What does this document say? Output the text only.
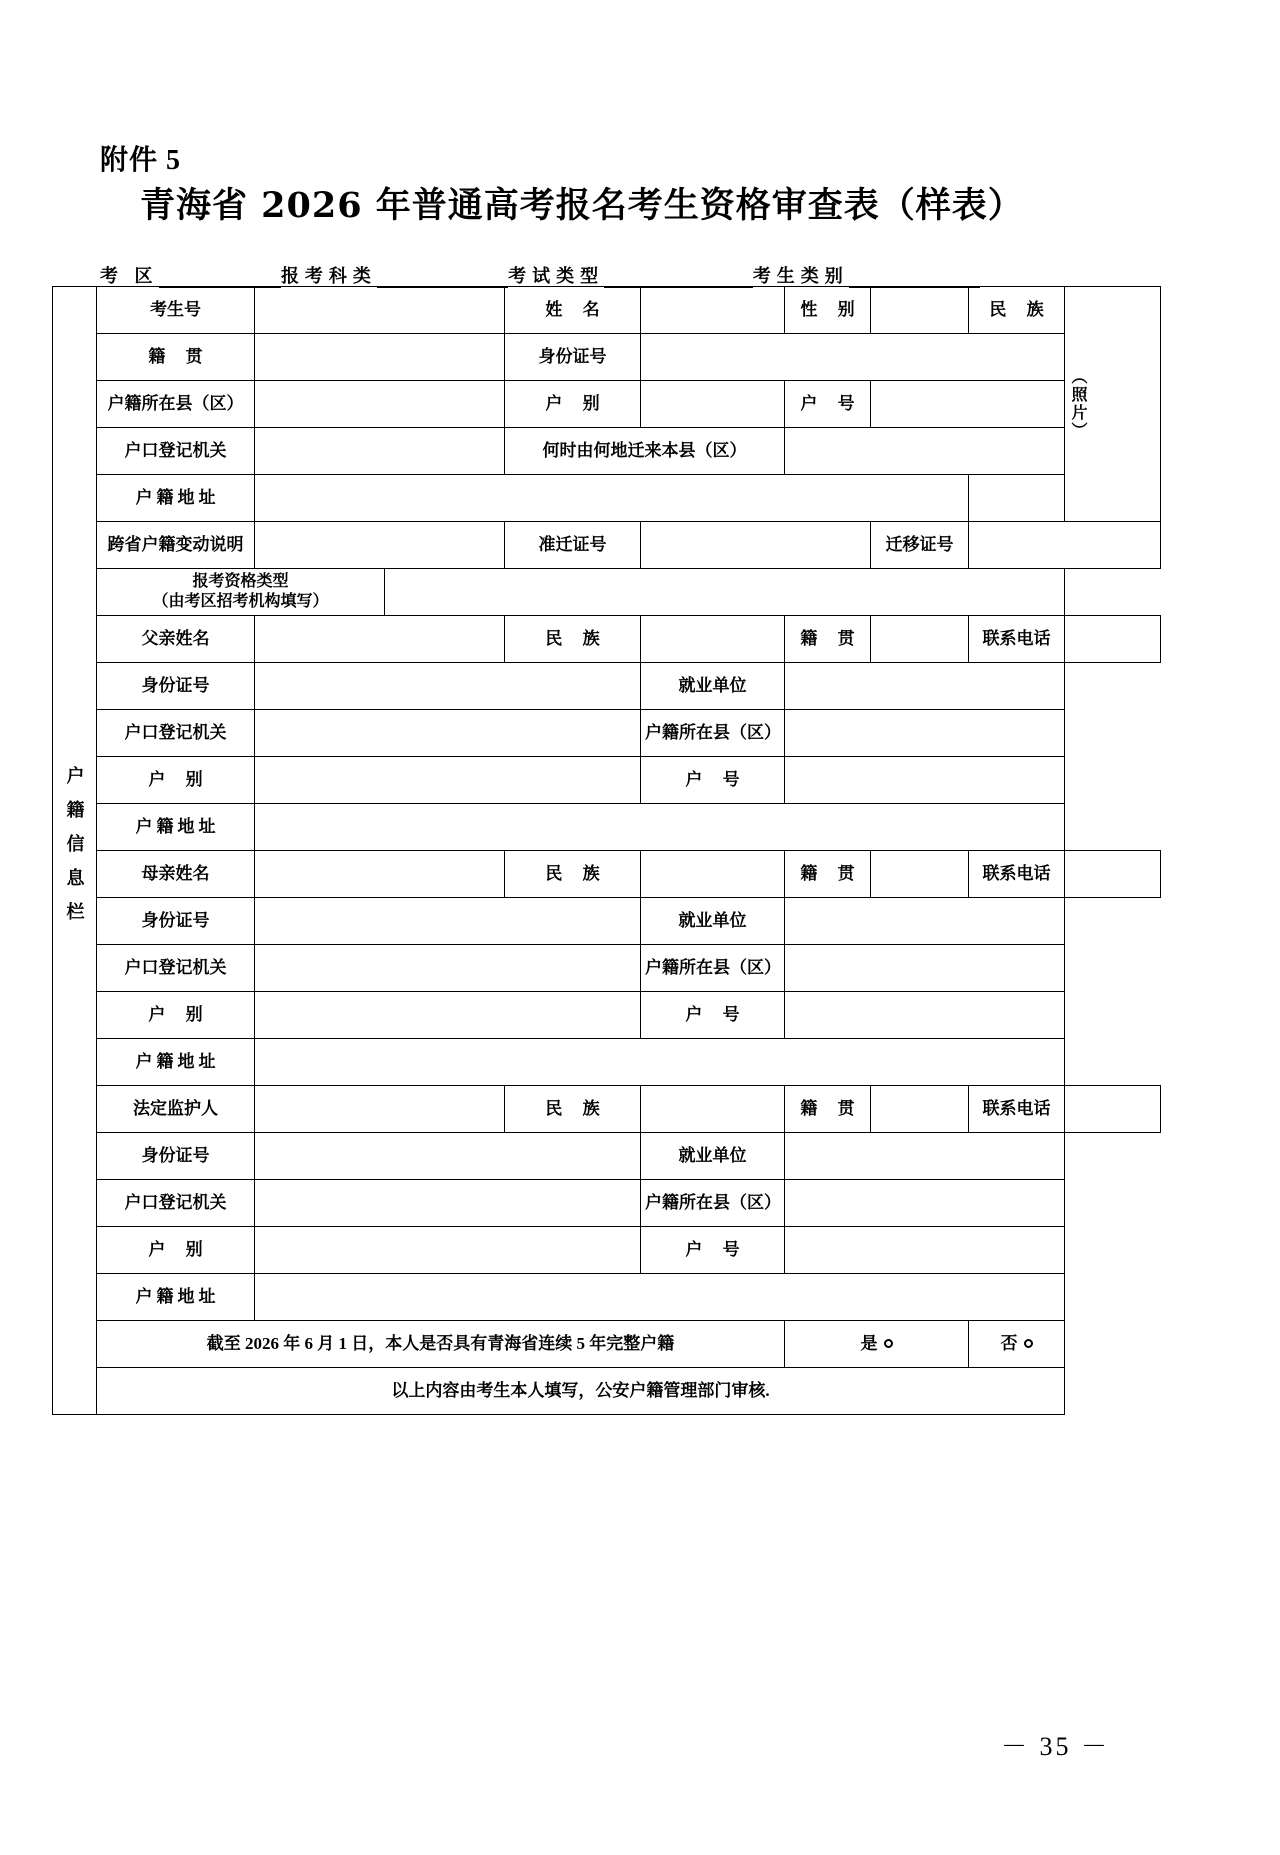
附件 5
青海省 2026 年普通高考报名考生资格审查表（样表）
考 区	报考科类	考试类型	考生类别
户籍信息栏	考生号			姓 名		性 别		民 族	（照片）

	籍 贯			身份证号					
	户籍所在县（区）			户 别		户 号			
	户口登记机关			何时由何地迁来本县（区）					
	户籍地址								
	跨省户籍变动说明			准迁证号			迁移证号		

	报考资格类型
（由考区招考机构填写）								

	父亲姓名			民 族		籍 贯		联系电话	
	身份证号				就业单位				
	户口登记机关				户籍所在县（区）				
	户 别				户 号				
	户籍地址								
	母亲姓名			民 族		籍 贯		联系电话	
	身份证号				就业单位				
	户口登记机关				户籍所在县（区）				
	户 别				户 号				
	户籍地址								
	法定监护人			民 族		籍 贯		联系电话	
	身份证号				就业单位				
	户口登记机关				户籍所在县（区）				
	户 别				户 号				
	户籍地址								
	截至 2026 年 6 月 1 日，本人是否具有青海省连续 5 年完整户籍					是		否	
	以上内容由考生本人填写，公安户籍管理部门审核.								
－ 35 －
